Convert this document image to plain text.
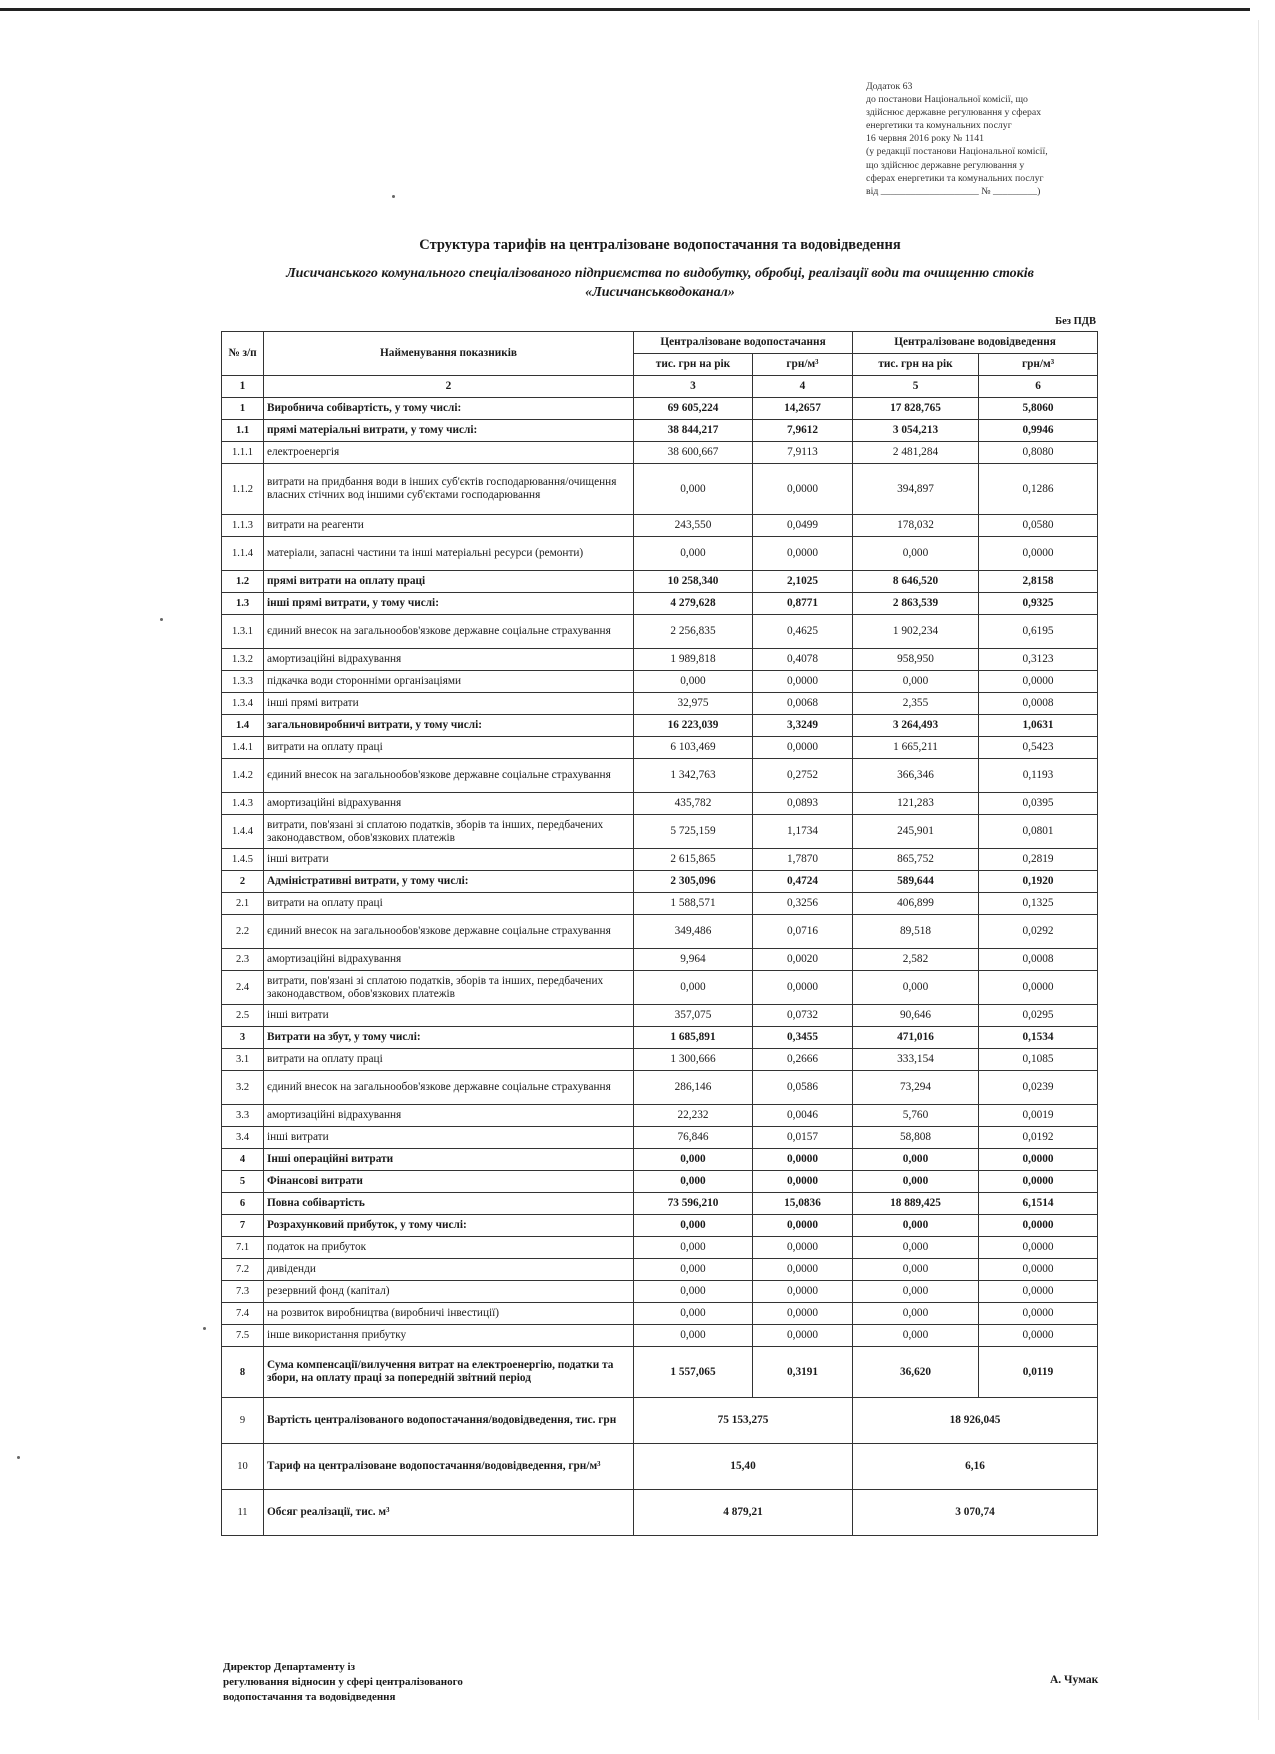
Додаток 63
до постанови Національної комісії, що
здійснює державне регулювання у сферах
енергетики та комунальних послуг
16 червня 2016 року № 1141
(у редакції постанови Національної комісії,
що здійснює державне регулювання у
сферах енергетики та комунальних послуг
від ____________________ № _________)
Структура тарифів на централізоване водопостачання та водовідведення
Лисичанського комунального спеціалізованого підприємства по видобутку, обробці, реалізації води та очищенню стоків «Лисичанськводоканал»
Без ПДВ
№ з/п	Найменування показників	Централізоване водопостачання		Централізоване водовідведення	
		тис. грн на рік	грн/м³	тис. грн на рік	грн/м³
1	2	3	4	5	6
1	Виробнича собівартість, у тому числі:	69 605,224	14,2657	17 828,765	5,8060
1.1	прямі матеріальні витрати, у тому числі:	38 844,217	7,9612	3 054,213	0,9946
1.1.1	електроенергія	38 600,667	7,9113	2 481,284	0,8080
1.1.2	витрати на придбання води в інших суб'єктів господарювання/очищення власних стічних вод іншими суб'єктами господарювання	0,000	0,0000	394,897	0,1286
1.1.3	витрати на реагенти	243,550	0,0499	178,032	0,0580
1.1.4	матеріали, запасні частини та інші матеріальні ресурси (ремонти)	0,000	0,0000	0,000	0,0000
1.2	прямі витрати на оплату праці	10 258,340	2,1025	8 646,520	2,8158
1.3	інші прямі витрати, у тому числі:	4 279,628	0,8771	2 863,539	0,9325
1.3.1	єдиний внесок на загальнообов'язкове державне соціальне страхування	2 256,835	0,4625	1 902,234	0,6195
1.3.2	амортизаційні відрахування	1 989,818	0,4078	958,950	0,3123
1.3.3	підкачка води сторонніми організаціями	0,000	0,0000	0,000	0,0000
1.3.4	інші прямі витрати	32,975	0,0068	2,355	0,0008
1.4	загальновиробничі витрати, у тому числі:	16 223,039	3,3249	3 264,493	1,0631
1.4.1	витрати на оплату праці	6 103,469	0,0000	1 665,211	0,5423
1.4.2	єдиний внесок на загальнообов'язкове державне соціальне страхування	1 342,763	0,2752	366,346	0,1193
1.4.3	амортизаційні відрахування	435,782	0,0893	121,283	0,0395
1.4.4	витрати, пов'язані зі сплатою податків, зборів та інших, передбачених законодавством, обов'язкових платежів	5 725,159	1,1734	245,901	0,0801
1.4.5	інші витрати	2 615,865	1,7870	865,752	0,2819
2	Адміністративні витрати, у тому числі:	2 305,096	0,4724	589,644	0,1920
2.1	витрати на оплату праці	1 588,571	0,3256	406,899	0,1325
2.2	єдиний внесок на загальнообов'язкове державне соціальне страхування	349,486	0,0716	89,518	0,0292
2.3	амортизаційні відрахування	9,964	0,0020	2,582	0,0008
2.4	витрати, пов'язані зі сплатою податків, зборів та інших, передбачених законодавством, обов'язкових платежів	0,000	0,0000	0,000	0,0000
2.5	інші витрати	357,075	0,0732	90,646	0,0295
3	Витрати на збут, у тому числі:	1 685,891	0,3455	471,016	0,1534
3.1	витрати на оплату праці	1 300,666	0,2666	333,154	0,1085
3.2	єдиний внесок на загальнообов'язкове державне соціальне страхування	286,146	0,0586	73,294	0,0239
3.3	амортизаційні відрахування	22,232	0,0046	5,760	0,0019
3.4	інші витрати	76,846	0,0157	58,808	0,0192
4	Інші операційні витрати	0,000	0,0000	0,000	0,0000
5	Фінансові витрати	0,000	0,0000	0,000	0,0000
6	Повна собівартість	73 596,210	15,0836	18 889,425	6,1514
7	Розрахунковий прибуток, у тому числі:	0,000	0,0000	0,000	0,0000
7.1	податок на прибуток	0,000	0,0000	0,000	0,0000
7.2	дивіденди	0,000	0,0000	0,000	0,0000
7.3	резервний фонд (капітал)	0,000	0,0000	0,000	0,0000
7.4	на розвиток виробництва (виробничі інвестиції)	0,000	0,0000	0,000	0,0000
7.5	інше використання прибутку	0,000	0,0000	0,000	0,0000
8	Сума компенсації/вилучення витрат на електроенергію, податки та збори, на оплату праці за попередній звітний період	1 557,065	0,3191	36,620	0,0119
9	Вартість централізованого водопостачання/водовідведення, тис. грн	75 153,275		18 926,045	
10	Тариф на централізоване водопостачання/водовідведення, грн/м³	15,40		6,16	
11	Обсяг реалізації, тис. м³	4 879,21		3 070,74	
Директор Департаменту із
регулювання відносин у сфері централізованого
водопостачання та водовідведення
А. Чумак
